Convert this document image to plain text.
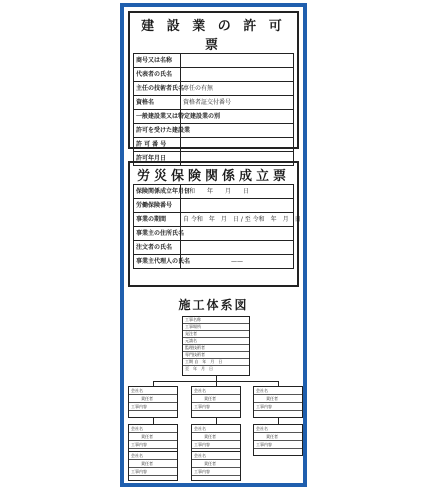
建 設 業 の 許 可 票
商号又は名称	
代表者の氏名	
主任の技術者氏名	専任の有無
資格名	資格者証交付番号
一般建設業又は特定建設業の別	
許可を受けた建設業	
許 可 番 号	
許可年月日	
労災保険関係成立票
保険関係成立年月日	令和　　年　　月　　日
労働保険番号	
事業の期間	自 令和　年　月　日 / 至 令和　年　月　日
事業主の住所氏名	
注文者の氏名	
事業主代理人の氏名	——
施工体系図
工事名称
工事場所
発注者
元請名
監理技術者
専門技術者
工期 自　年　月　日
至　年　月　日
会社名
責任者
工事内容
会社名
責任者
工事内容
会社名
責任者
工事内容
会社名
責任者
工事内容
会社名
責任者
工事内容
会社名
責任者
工事内容
会社名
責任者
工事内容
会社名
責任者
工事内容
